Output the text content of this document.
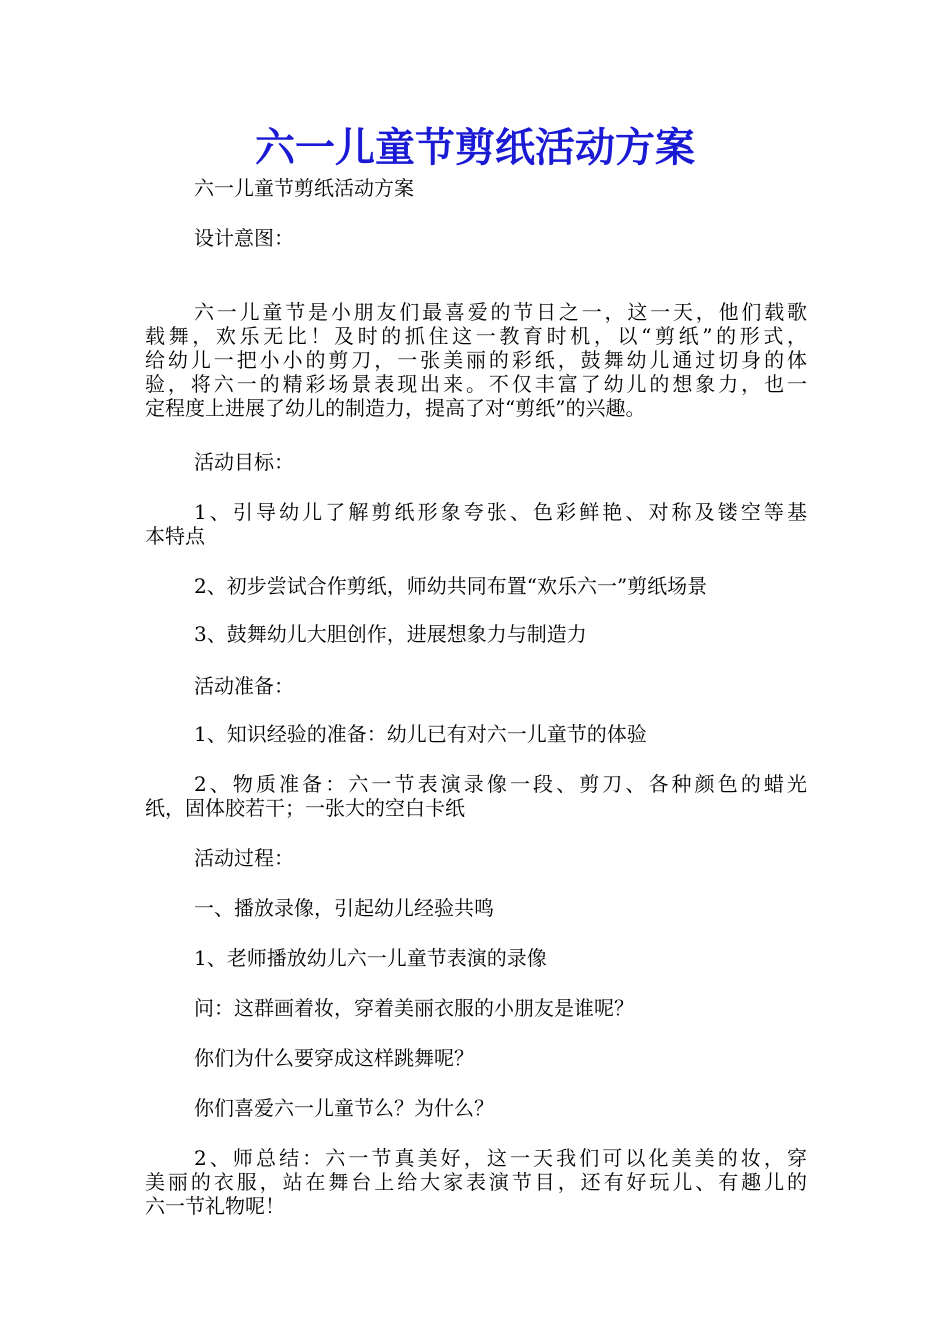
六一儿童节剪纸活动方案

六一儿童节剪纸活动方案

设计意图：

六一儿童节是小朋友们最喜爱的节日之一，这一天，他们载歌

载舞，欢乐无比！及时的抓住这一教育时机，以“剪纸”的形式，

给幼儿一把小小的剪刀，一张美丽的彩纸，鼓舞幼儿通过切身的体

验，将六一的精彩场景表现出来。不仅丰富了幼儿的想象力，也一

定程度上进展了幼儿的制造力，提高了对“剪纸”的兴趣。

活动目标：

1、引导幼儿了解剪纸形象夸张、色彩鲜艳、对称及镂空等基

本特点

2、初步尝试合作剪纸，师幼共同布置“欢乐六一”剪纸场景

3、鼓舞幼儿大胆创作，进展想象力与制造力

活动准备：

1、知识经验的准备：幼儿已有对六一儿童节的体验

2、物质准备：六一节表演录像一段、剪刀、各种颜色的蜡光

纸，固体胶若干；一张大的空白卡纸

活动过程：

一、播放录像，引起幼儿经验共鸣

1、老师播放幼儿六一儿童节表演的录像

问：这群画着妆，穿着美丽衣服的小朋友是谁呢？

你们为什么要穿成这样跳舞呢？

你们喜爱六一儿童节么？为什么？

2、师总结：六一节真美好，这一天我们可以化美美的妆，穿

美丽的衣服，站在舞台上给大家表演节目，还有好玩儿、有趣儿的

六一节礼物呢！
